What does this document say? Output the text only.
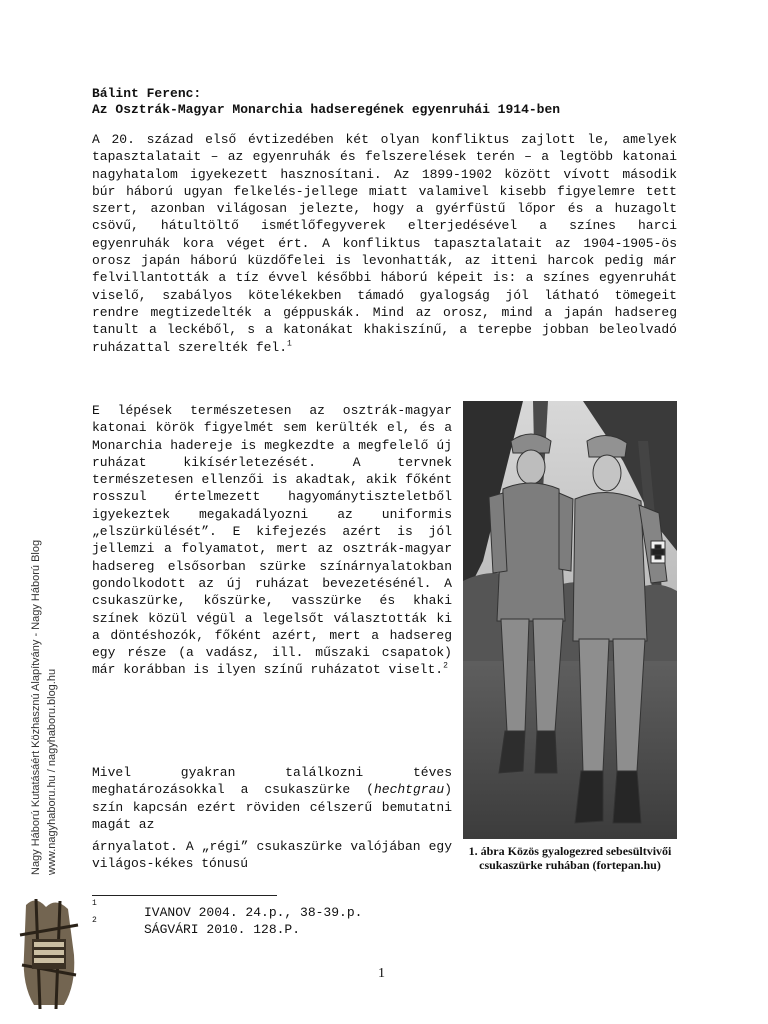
Bálint Ferenc:

Az Osztrák-Magyar Monarchia hadseregének egyenruhái 1914-ben

A 20. század első évtizedében két olyan konfliktus zajlott le, amelyek tapasztalatait – az egyenruhák és felszerelések terén – a legtöbb katonai nagyhatalom igyekezett hasznosítani. Az 1899-1902 között vívott második búr háború ugyan felkelés-jellege miatt valamivel kisebb figyelemre tett szert, azonban világosan jelezte, hogy a gyérfüstű lőpor és a huzagolt csövű, hátultöltő ismétlőfegyverek elterjedésével a színes harci egyenruhák kora véget ért. A konfliktus tapasztalatait az 1904-1905-ös orosz japán háború küzdőfelei is levonhatták, az itteni harcok pedig már felvillantották a tíz évvel későbbi háború képeit is: a színes egyenruhát viselő, szabályos kötelékekben támadó gyalogság jól látható tömegeit rendre megtizedelték a géppuskák. Mind az orosz, mind a japán hadsereg tanult a leckéből, s a katonákat khakiszínű, a terepbe jobban beleolvadó ruházattal szerelték fel.$^1$

E lépések természetesen az osztrák-magyar katonai körök figyelmét sem kerülték el, és a Monarchia hadereje is megkezdte a megfelelő új ruházat kikísérletezését. A tervnek természetesen ellenzői is akadtak, akik főként rosszul értelmezett hagyománytiszteletből igyekeztek megakadályozni az uniformis „elszürkülését”. E kifejezés azért is jól jellemzi a folyamatot, mert az osztrák-magyar hadsereg elsősorban szürke színárnyalatokban gondolkodott az új ruházat bevezetésénél. A csukaszürke, kőszürke, vasszürke és khaki színek közül végül a legelsőt választották ki a döntéshozók, főként azért, mert a hadsereg egy része (a vadász, ill. műszaki csapatok) már korábban is ilyen színű ruházatot viselt.$^2$

Mivel gyakran találkozni téves meghatározásokkal a csukaszürke (hechtgrau) szín kapcsán ezért röviden célszerű bemutatni magát az

árnyalatot. A „régi” csukaszürke valójában egy világos-kékes tónusú

1. ábra Közös gyalogezred sebesültvivői csukaszürke ruhában (fortepan.hu)

1
IVANOV 2004. 24.p., 38-39.p.
2
SÁGVÁRI 2010. 128.P.
1
Nagy Háború Kutatásáért Közhasznú Alapítvány - Nagy Háború Blog www.nagyhaboru.hu / nagyhaboru.blog.hu
